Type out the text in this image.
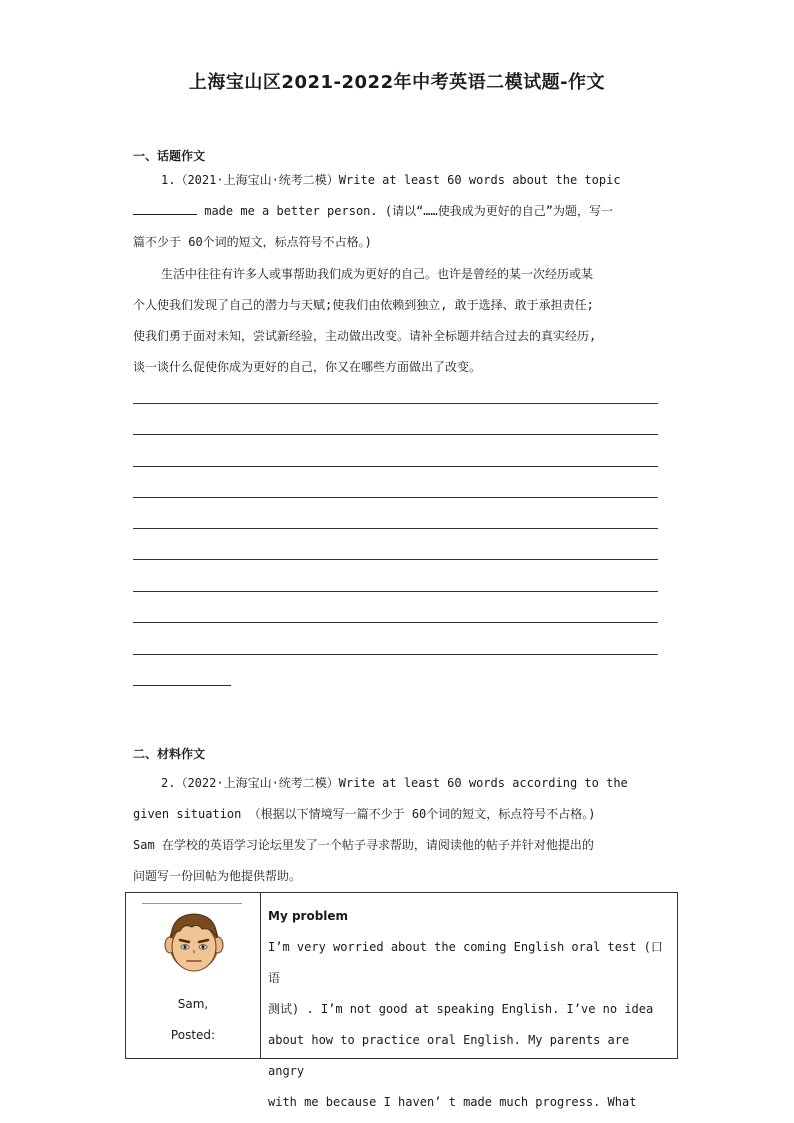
上海宝山区2021-2022年中考英语二模试题-作文
一、话题作文
1.（2021·上海宝山·统考二模）Write at least 60 words about the topic
made me a better person. (请以“……使我成为更好的自己”为题，写一
篇不少于 60个词的短文，标点符号不占格。)
生活中往往有许多人或事帮助我们成为更好的自己。也许是曾经的某一次经历或某
个人使我们发现了自己的潜力与天赋;使我们由依赖到独立, 敢于选择、敢于承担责任;
使我们勇于面对未知，尝试新经验，主动做出改变。请补全标题并结合过去的真实经历,
谈一谈什么促使你成为更好的自己，你又在哪些方面做出了改变。
二、材料作文
2.（2022·上海宝山·统考二模）Write at least 60 words according to the
given situation （根据以下情境写一篇不少于 60个词的短文，标点符号不占格。)
Sam 在学校的英语学习论坛里发了一个帖子寻求帮助，请阅读他的帖子并针对他提出的
问题写一份回帖为他提供帮助。
Sam,
Posted:
My problem
I’m very worried about the coming English oral test (口语
测试) . I’m not good at speaking English. I’ve no idea
about how to practice oral English. My parents are angry
with me because I haven’ t made much progress. What
